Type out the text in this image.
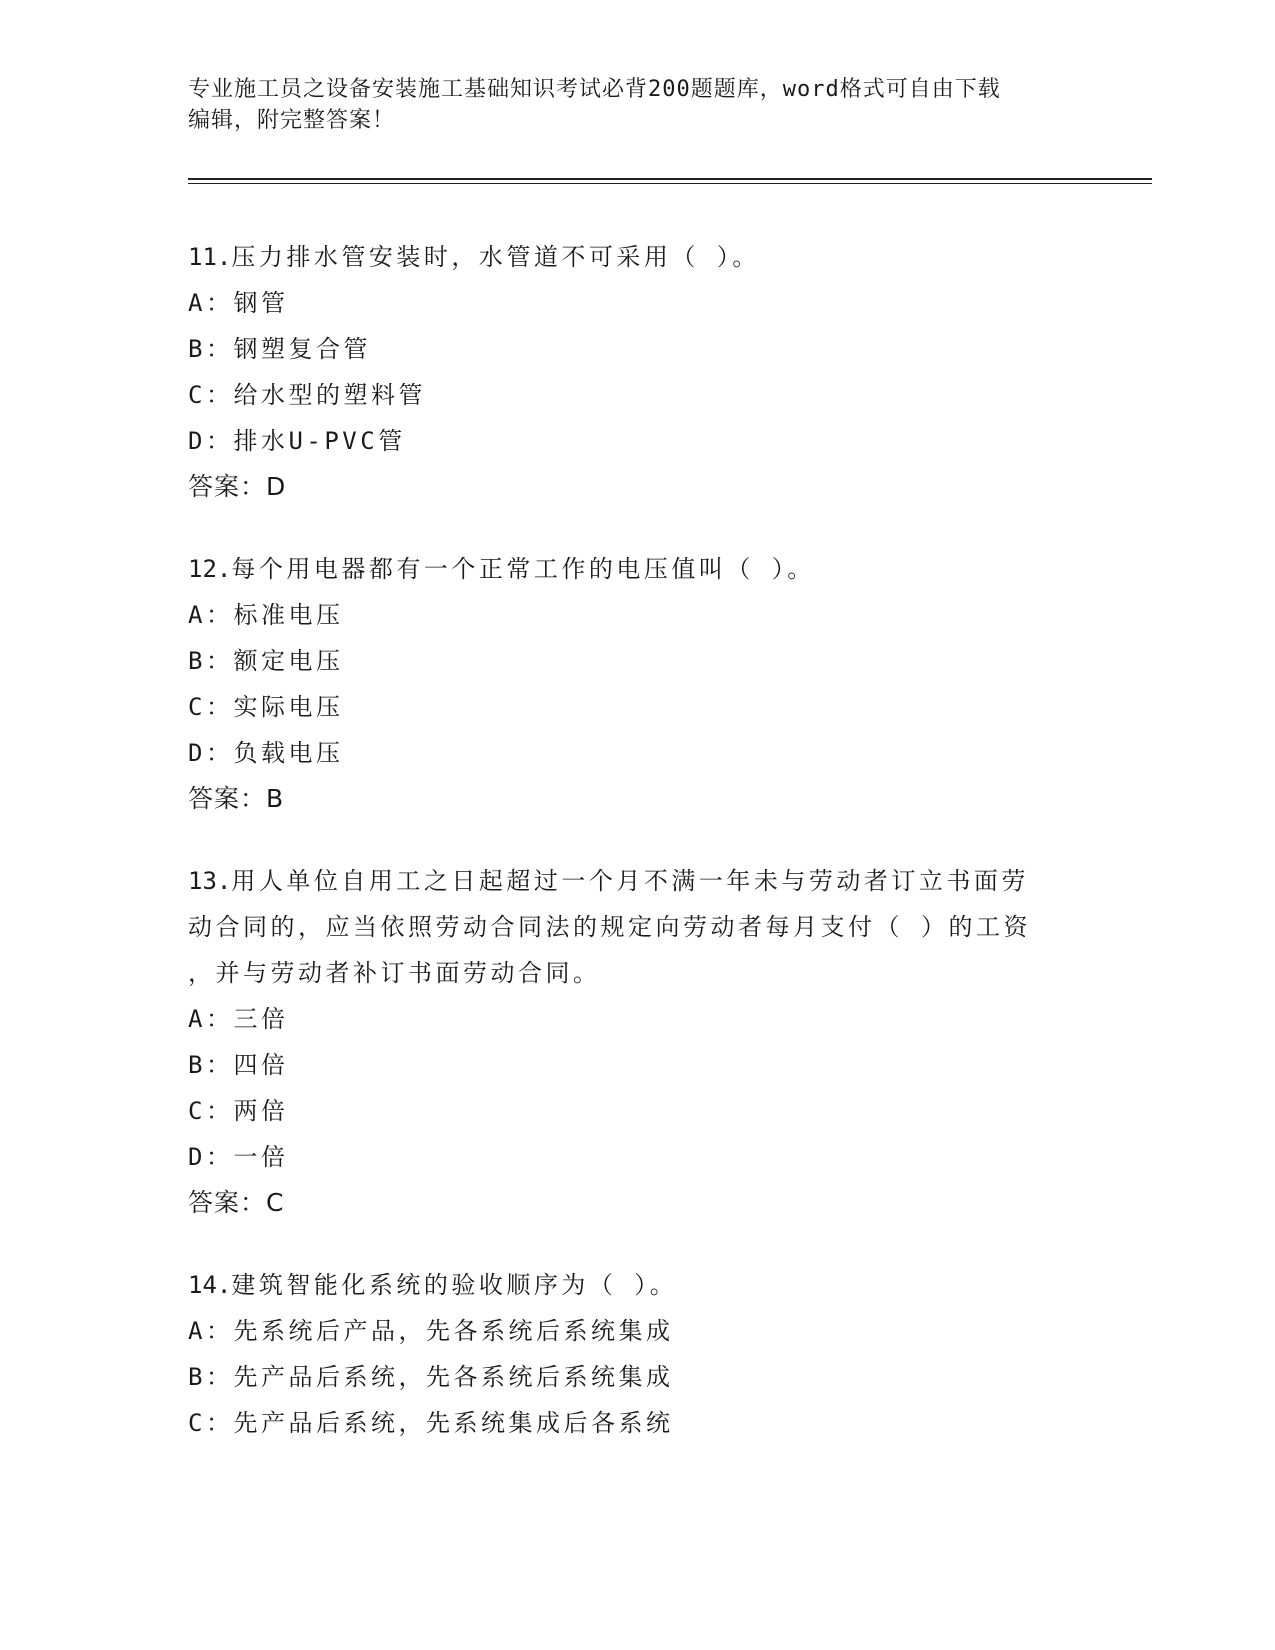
专业施工员之设备安装施工基础知识考试必背200题题库，word格式可自由下载
编辑，附完整答案！
11.压力排水管安装时，水管道不可采用（ ）。
A：钢管
B：钢塑复合管
C：给水型的塑料管
D：排水U-PVC管
答案：D
12.每个用电器都有一个正常工作的电压值叫（ ）。
A：标准电压
B：额定电压
C：实际电压
D：负载电压
答案：B
13.用人单位自用工之日起超过一个月不满一年未与劳动者订立书面劳
动合同的，应当依照劳动合同法的规定向劳动者每月支付（ ）的工资
，并与劳动者补订书面劳动合同。
A：三倍
B：四倍
C：两倍
D：一倍
答案：C
14.建筑智能化系统的验收顺序为（ ）。
A：先系统后产品，先各系统后系统集成
B：先产品后系统，先各系统后系统集成
C：先产品后系统，先系统集成后各系统
